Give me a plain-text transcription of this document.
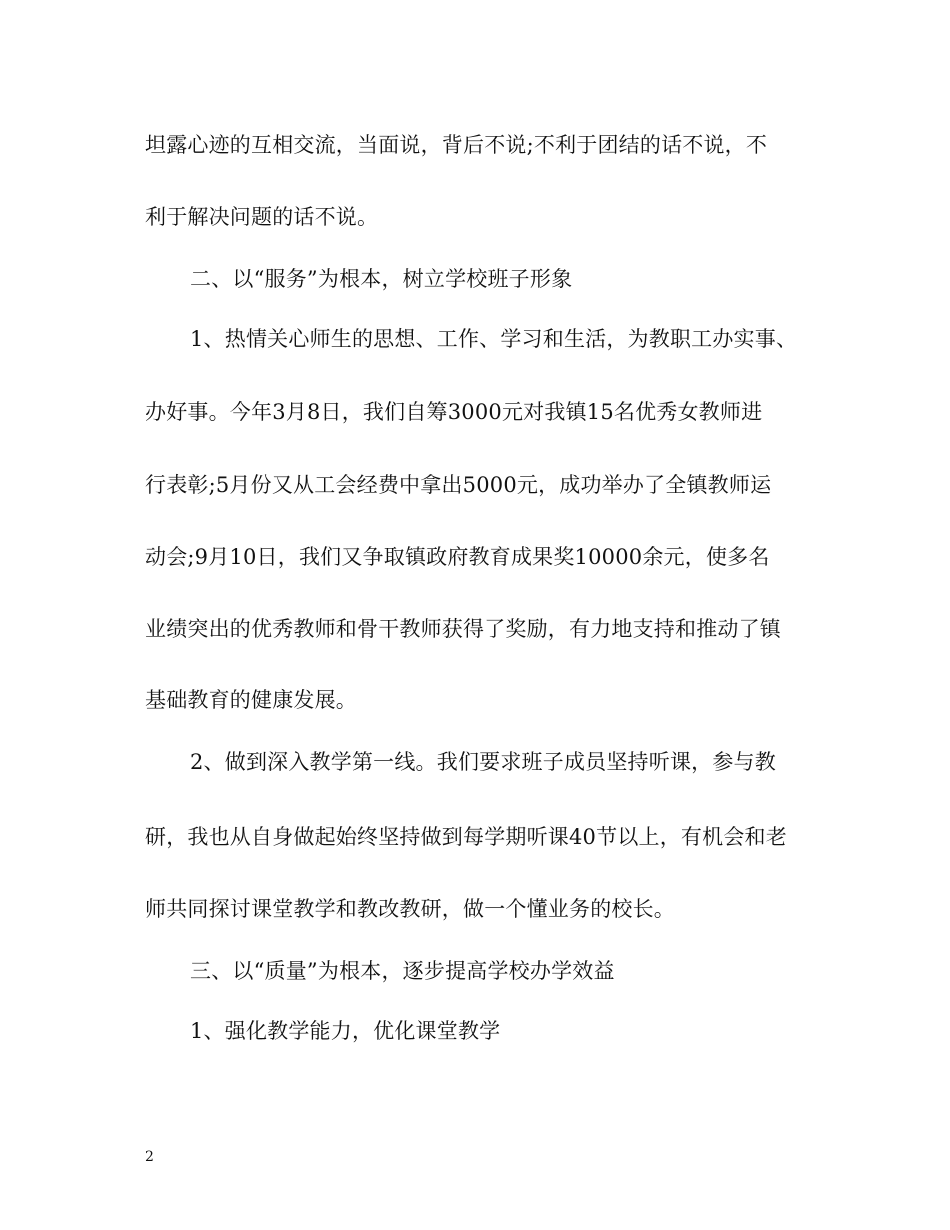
坦露心迹的互相交流，当面说，背后不说;不利于团结的话不说，不
利于解决问题的话不说。
二、以“服务”为根本，树立学校班子形象
1、热情关心师生的思想、工作、学习和生活，为教职工办实事、
办好事。今年3月8日，我们自筹3000元对我镇15名优秀女教师进
行表彰;5月份又从工会经费中拿出5000元，成功举办了全镇教师运
动会;9月10日，我们又争取镇政府教育成果奖10000余元，使多名
业绩突出的优秀教师和骨干教师获得了奖励，有力地支持和推动了镇
基础教育的健康发展。
2、做到深入教学第一线。我们要求班子成员坚持听课，参与教
研，我也从自身做起始终坚持做到每学期听课40节以上，有机会和老
师共同探讨课堂教学和教改教研，做一个懂业务的校长。
三、以“质量”为根本，逐步提高学校办学效益
1、强化教学能力，优化课堂教学
2
